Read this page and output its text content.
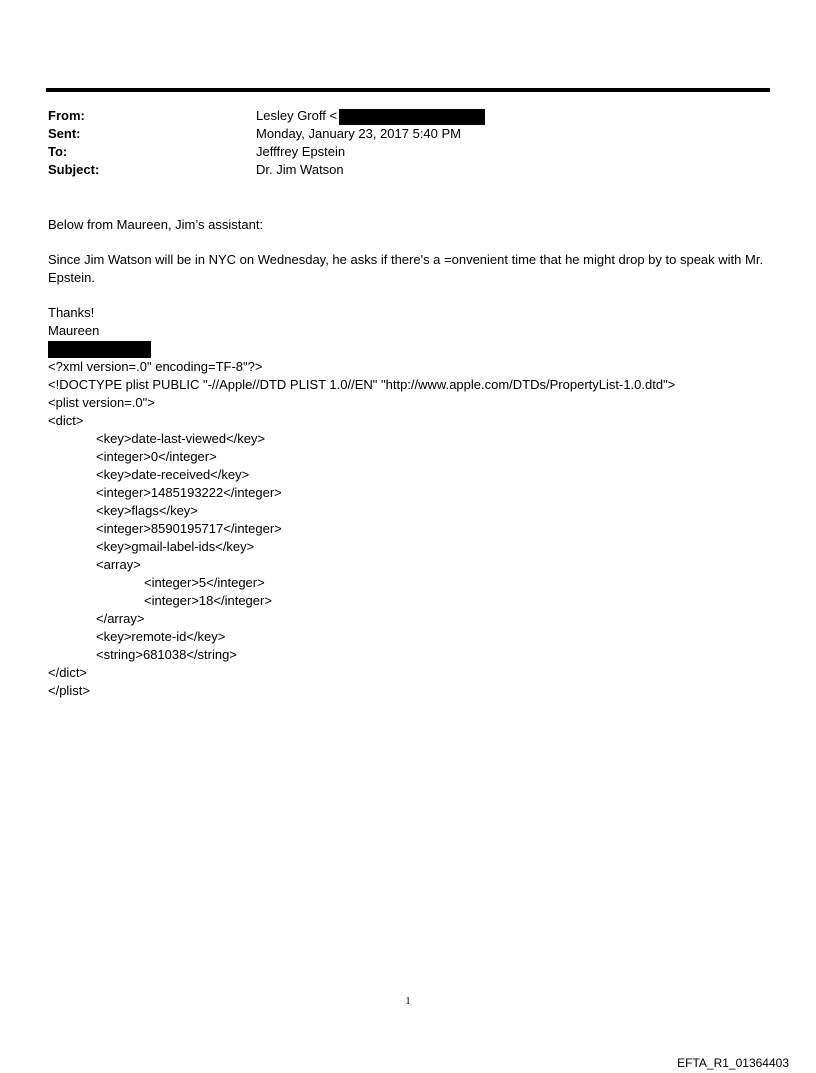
From:	Lesley Groff <
Sent:	Monday, January 23, 2017 5:40 PM
To:	Jefffrey Epstein
Subject:	Dr. Jim Watson

Below from Maureen, Jim’s assistant:

Since Jim Watson will be in NYC on Wednesday, he asks if there's a =onvenient time that he might drop by to speak with Mr. Epstein.

Thanks!

Maureen

<?xml version=.0" encoding=TF-8"?>
<!DOCTYPE plist PUBLIC "-//Apple//DTD PLIST 1.0//EN" "http://www.apple.com/DTDs/PropertyList-1.0.dtd">
<plist version=.0">
<dict>
<key>date-last-viewed</key>
<integer>0</integer>
<key>date-received</key>
<integer>1485193222</integer>
<key>flags</key>
<integer>8590195717</integer>
<key>gmail-label-ids</key>
<array>
<integer>5</integer>
<integer>18</integer>
</array>
<key>remote-id</key>
<string>681038</string>
</dict>
</plist>
1
EFTA_R1_01364403
